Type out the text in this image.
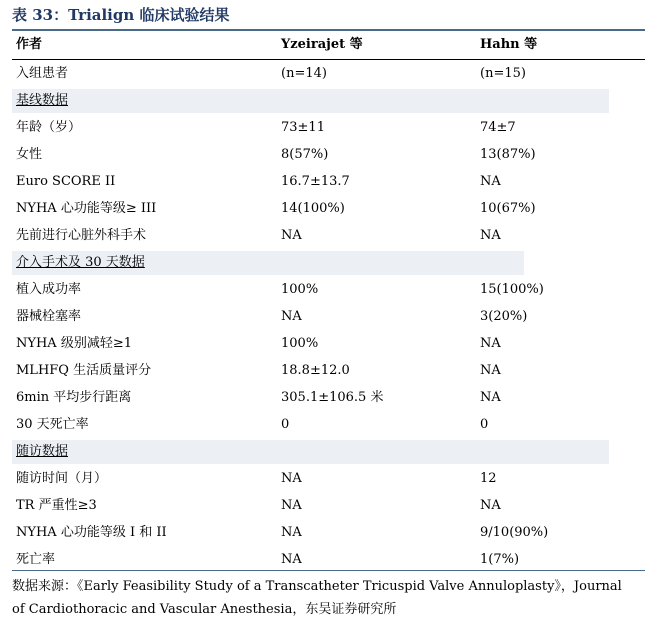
表 33：Trialign 临床试验结果
作者	Yzeirajet 等	Hahn 等
入组患者	(n=14)	(n=15)
基线数据
年龄（岁）	73±11	74±7
女性	8(57%)	13(87%)
Euro SCORE II	16.7±13.7	NA
NYHA 心功能等级≥ III	14(100%)	10(67%)
先前进行心脏外科手术	NA	NA
介入手术及 30 天数据
植入成功率	100%	15(100%)
器械栓塞率	NA	3(20%)
NYHA 级别减轻≥1	100%	NA
MLHFQ 生活质量评分	18.8±12.0	NA
6min 平均步行距离	305.1±106.5 米	NA
30 天死亡率	0	0
随访数据
随访时间（月）	NA	12
TR 严重性≥3	NA	NA
NYHA 心功能等级 I 和 II	NA	9/10(90%)
死亡率	NA	1(7%)
数据来源：《Early Feasibility Study of a Transcatheter Tricuspid Valve Annuloplasty》，Journal
of Cardiothoracic and Vascular Anesthesia，东吴证券研究所
